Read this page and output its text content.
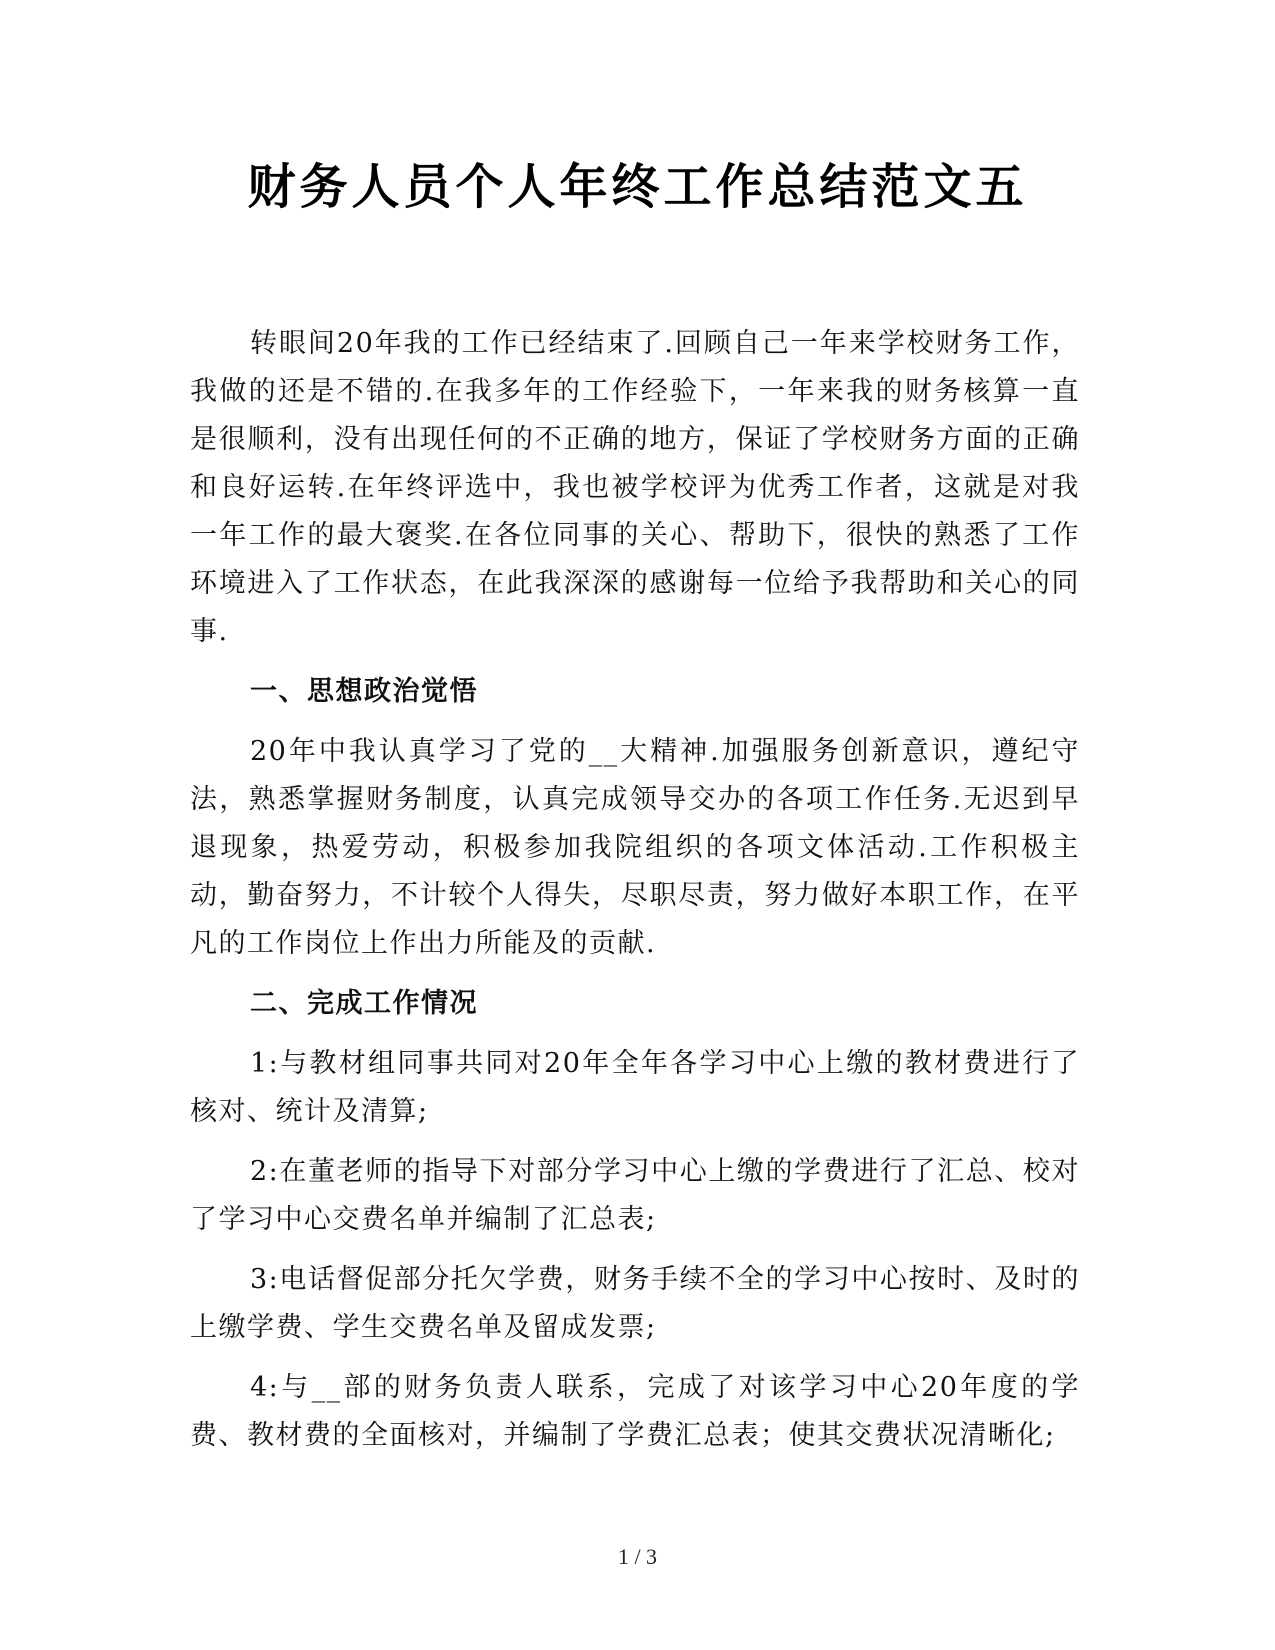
财务人员个人年终工作总结范文五

转眼间20年我的工作已经结束了.回顾自己一年来学校财务工作，我做的还是不错的.在我多年的工作经验下，一年来我的财务核算一直是很顺利，没有出现任何的不正确的地方，保证了学校财务方面的正确和良好运转.在年终评选中，我也被学校评为优秀工作者，这就是对我一年工作的最大褒奖.在各位同事的关心、帮助下，很快的熟悉了工作环境进入了工作状态，在此我深深的感谢每一位给予我帮助和关心的同事.

一、思想政治觉悟

20年中我认真学习了党的__大精神.加强服务创新意识，遵纪守法，熟悉掌握财务制度，认真完成领导交办的各项工作任务.无迟到早退现象，热爱劳动，积极参加我院组织的各项文体活动.工作积极主动，勤奋努力，不计较个人得失，尽职尽责，努力做好本职工作，在平凡的工作岗位上作出力所能及的贡献.

二、完成工作情况

1:与教材组同事共同对20年全年各学习中心上缴的教材费进行了核对、统计及清算;

2:在董老师的指导下对部分学习中心上缴的学费进行了汇总、校对了学习中心交费名单并编制了汇总表;

3:电话督促部分托欠学费，财务手续不全的学习中心按时、及时的上缴学费、学生交费名单及留成发票;

4:与__部的财务负责人联系，完成了对该学习中心20年度的学费、教材费的全面核对，并编制了学费汇总表；使其交费状况清晰化;

1 / 3
